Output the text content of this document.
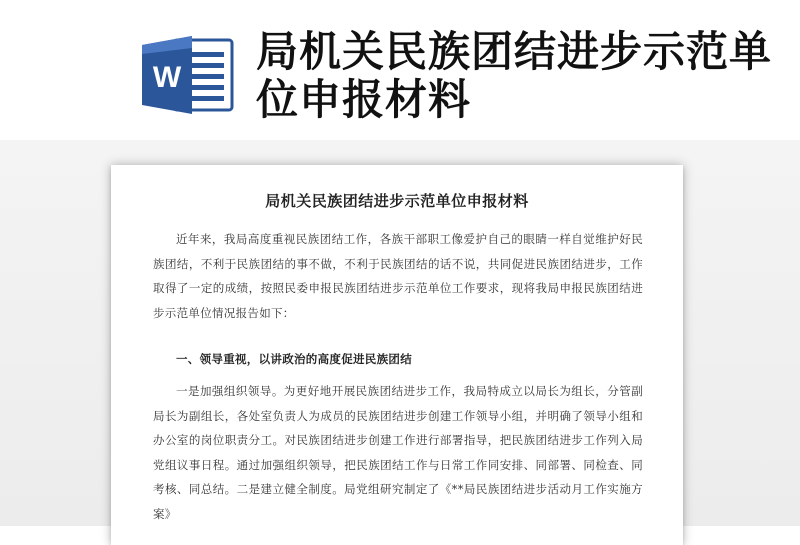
W
局机关民族团结进步示范单位申报材料
局机关民族团结进步示范单位申报材料
近年来，我局高度重视民族团结工作，各族干部职工像爱护自己的眼睛一样自觉维护好民族团结，不利于民族团结的事不做，不利于民族团结的话不说，共同促进民族团结进步，工作取得了一定的成绩，按照民委申报民族团结进步示范单位工作要求，现将我局申报民族团结进步示范单位情况报告如下：
一、领导重视，以讲政治的高度促进民族团结
一是加强组织领导。为更好地开展民族团结进步工作，我局特成立以局长为组长，分管副局长为副组长，各处室负责人为成员的民族团结进步创建工作领导小组，并明确了领导小组和办公室的岗位职责分工。对民族团结进步创建工作进行部署指导，把民族团结进步工作列入局党组议事日程。通过加强组织领导，把民族团结工作与日常工作同安排、同部署、同检查、同考核、同总结。二是建立健全制度。局党组研究制定了《**局民族团结进步活动月工作实施方案》
